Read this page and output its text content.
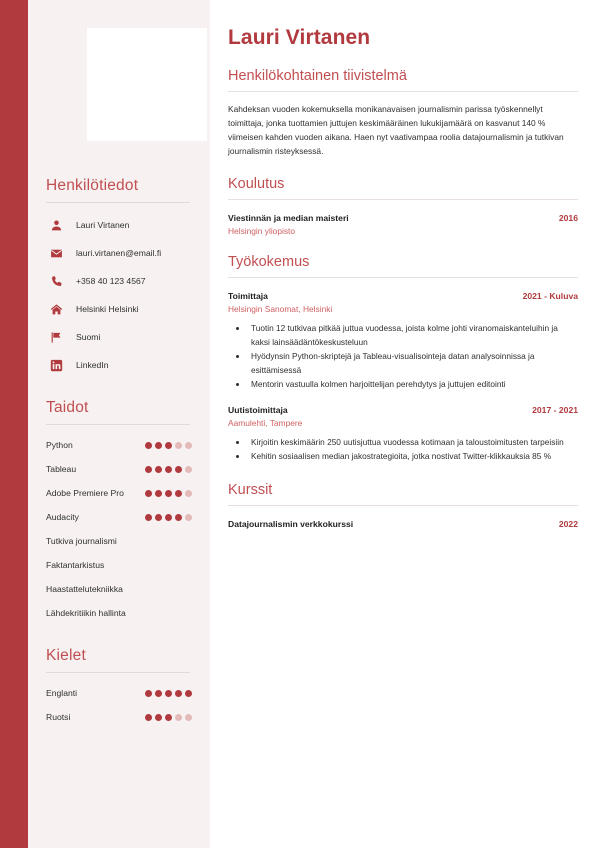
Henkilötiedot
Lauri Virtanen
lauri.virtanen@email.fi
+358 40 123 4567
Helsinki Helsinki
Suomi
LinkedIn
Taidot
Python
Tableau
Adobe Premiere Pro
Audacity
Tutkiva journalismi
Faktantarkistus
Haastattelutekniikka
Lähdekritiikin hallinta
Kielet
Englanti
Ruotsi
Lauri Virtanen
Henkilökohtainen tiivistelmä

Kahdeksan vuoden kokemuksella monikanavaisen journalismin parissa työskennellyt toimittaja, jonka tuottamien juttujen keskimääräinen lukukijamäärä on kasvanut 140 % viimeisen kahden vuoden aikana. Haen nyt vaativampaa roolia datajournalismin ja tutkivan journalismin risteyksessä.

Koulutus
Viestinnän ja median maisteri	2016
Helsingin yliopisto
Työkokemus
Toimittaja	2021 - Kuluva
Helsingin Sanomat, Helsinki
• Tuotin 12 tutkivaa pitkää juttua vuodessa, joista kolme johti viranomaiskanteluihin ja kaksi lainsäädäntökeskusteluun
• Hyödynsin Python-skriptejä ja Tableau-visualisointeja datan analysoinnissa ja esittämisessä
• Mentorin vastuulla kolmen harjoittelijan perehdytys ja juttujen editointi
Uutistoimittaja	2017 - 2021
Aamulehti, Tampere
• Kirjoitin keskimäärin 250 uutisjuttua vuodessa kotimaan ja taloustoimitusten tarpeisiin
• Kehitin sosiaalisen median jakostrategioita, jotka nostivat Twitter-klikkauksia 85 %
Kurssit
Datajournalismin verkkokurssi	2022
